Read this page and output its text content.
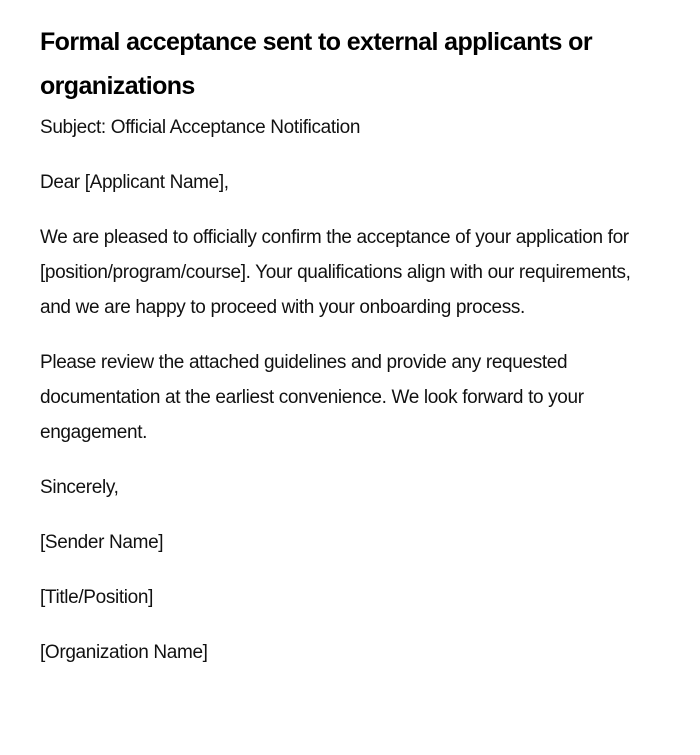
Formal acceptance sent to external applicants or organizations

Subject: Official Acceptance Notification

Dear [Applicant Name],

We are pleased to officially confirm the acceptance of your application for [position/program/course]. Your qualifications align with our requirements, and we are happy to proceed with your onboarding process.

Please review the attached guidelines and provide any requested documentation at the earliest convenience. We look forward to your engagement.

Sincerely,

[Sender Name]

[Title/Position]

[Organization Name]
